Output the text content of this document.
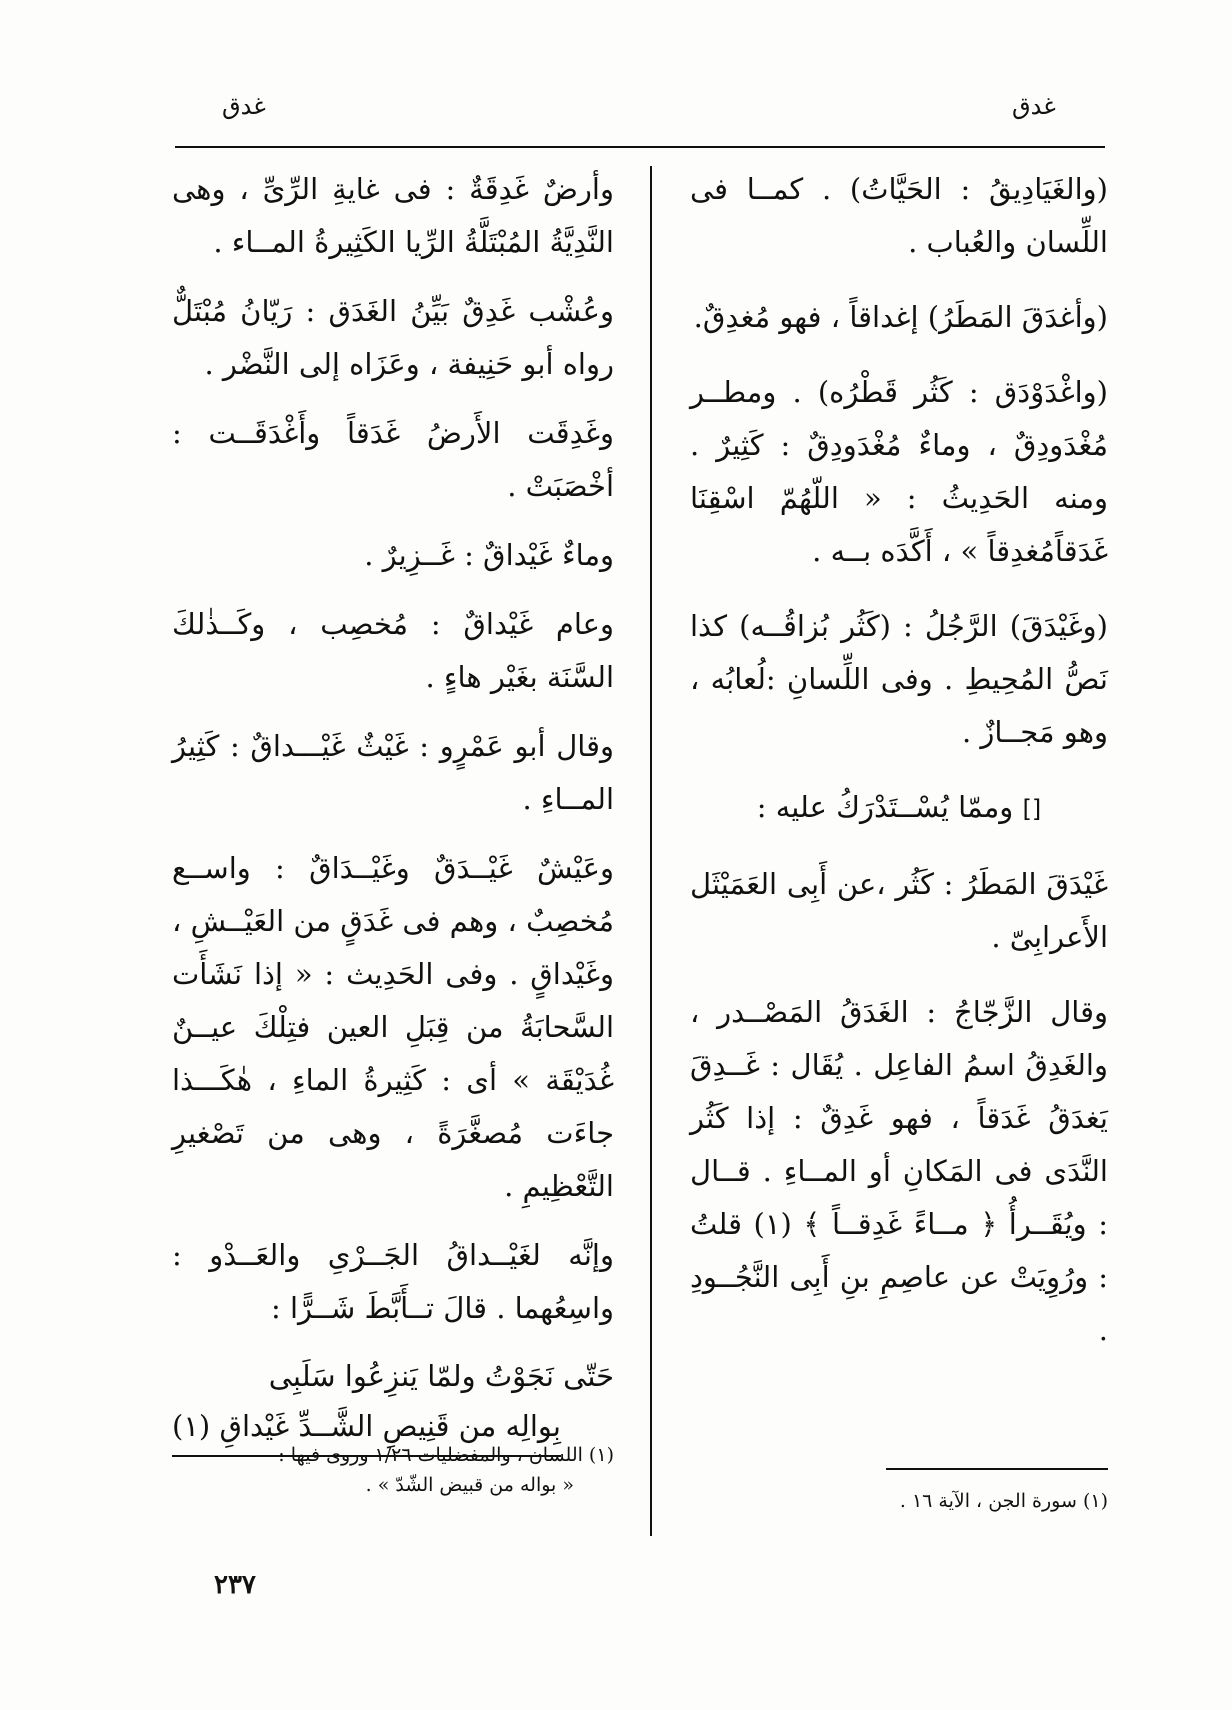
غدق
غدق

(والغَيَادِيقُ : الحَيَّاتُ) . كمــا فى اللِّسان والعُباب .

(وأغدَقَ المَطَرُ) إغداقاً ، فهو مُغدِقٌ.

(واغْدَوْدَق : كَثُر قَطْرُه) . ومطــر مُغْدَودِقٌ ، وماءٌ مُغْدَودِقٌ : كَثِيرٌ . ومنه الحَدِيثُ : « اللّهُمّ اسْقِنَا غَدَقاًمُغدِقاً » ، أَكَّدَه بــه .

(وغَيْدَقَ) الرَّجُلُ : (كَثُر بُزاقُــه) كذا نَصُّ المُحِيطِ . وفى اللِّسانِ :لُعابُه ، وهو مَجــازٌ .

[] وممّا يُسْــتَدْرَكُ عليه :

غَيْدَقَ المَطَرُ : كَثُر ،عن أَبِى العَمَيْثَل الأَعرابِىّ .

وقال الزَّجّاجُ : الغَدَقُ المَصْــدر ، والغَدِقُ اسمُ الفاعِل . يُقَال : غَــدِقَ يَغدَقُ غَدَقاً ، فهو غَدِقٌ : إذا كَثُر النَّدَى فى المَكانِ أو المــاءِ . قــال : ويُقَــرأُ ﴿ مــاءً غَدِقــاً ﴾ (١) قلتُ : ورُوِيَتْ عن عاصِمِ بنِ أَبِى النَّجُــودِ .

(١) سورة الجن ، الآية ١٦ .

وأرضٌ غَدِقَةٌ : فى غايةِ الرِّىِّ ، وهى النَّدِيَّةُ المُبْتَلَّةُ الرِّيا الكَثِيرةُ المــاء .

وعُشْب غَدِقٌ بَيِّنُ الغَدَق : رَيّانُ مُبْتَلٌّ رواه أبو حَنِيفة ، وعَزَاه إلى النَّضْر .

وغَدِقَت الأَرضُ غَدَقاً وأَغْدَقَــت : أخْصَبَتْ .

وماءٌ غَيْداقٌ : غَــزِيرٌ .

وعام غَيْداقٌ : مُخصِب ، وكَــذٰلكَ السَّنَة بغَيْر هاءٍ .

وقال أبو عَمْرٍو : غَيْثٌ غَيْـــداقٌ : كَثِيرُ المــاءِ .

وعَيْشٌ غَيْــدَقٌ وغَيْــدَاقٌ : واســع مُخصِبٌ ، وهم فى غَدَقٍ من العَيْــشِ ، وغَيْداقٍ . وفى الحَدِيث : « إذا نَشَأَت السَّحابَةُ من قِبَلِ العين فتِلْكَ عيــنٌ غُدَيْقَة » أى : كَثِيرةُ الماءِ ، هٰكَـــذا جاءَت مُصغَّرَةً ، وهى من تَصْغيرِ التَّعْظِيمِ .

وإنَّه لغَيْــداقُ الجَــرْىِ والعَــدْو : واسِعُهما . قالَ تــأَبَّطَ شَــرًّا :

حَتّى نَجَوْتُ ولمّا يَنزِعُوا سَلَبِى
بِوالِه من قَنِيصِ الشَّــدِّ غَيْداقِ (١)
(١) اللسان ، والمفضليات ١/٢٦ وروى فيها :
« بواله من قبيض الشّدّ » .
٢٣٧
